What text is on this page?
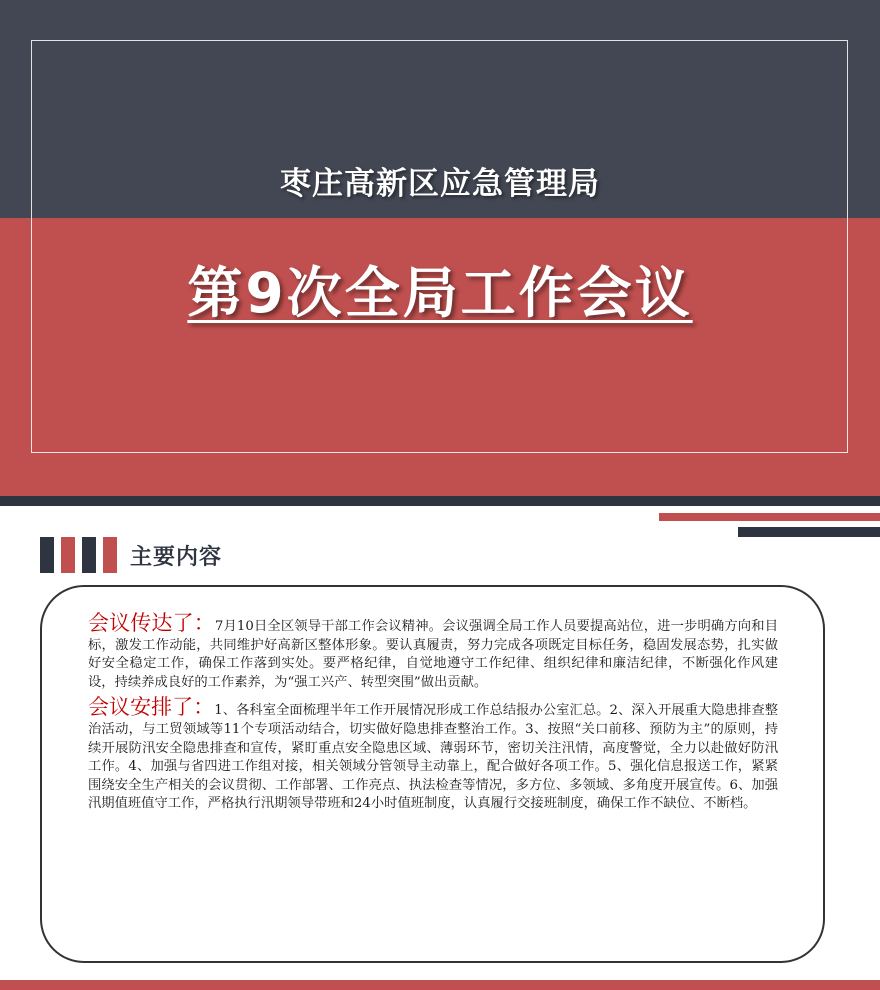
枣庄高新区应急管理局
第9次全局工作会议
主要内容

会议传达了：7月10日全区领导干部工作会议精神。会议强调全局工作人员要提高站位，进一步明确方向和目标，激发工作动能，共同维护好高新区整体形象。要认真履责，努力完成各项既定目标任务，稳固发展态势，扎实做好安全稳定工作，确保工作落到实处。要严格纪律，自觉地遵守工作纪律、组织纪律和廉洁纪律，不断强化作风建设，持续养成良好的工作素养，为“强工兴产、转型突围”做出贡献。

会议安排了：1、各科室全面梳理半年工作开展情况形成工作总结报办公室汇总。2、深入开展重大隐患排查整治活动，与工贸领域等11个专项活动结合，切实做好隐患排查整治工作。3、按照“关口前移、预防为主”的原则，持续开展防汛安全隐患排查和宣传，紧盯重点安全隐患区域、薄弱环节，密切关注汛情，高度警觉，全力以赴做好防汛工作。4、加强与省四进工作组对接，相关领域分管领导主动靠上，配合做好各项工作。5、强化信息报送工作，紧紧围绕安全生产相关的会议贯彻、工作部署、工作亮点、执法检查等情况，多方位、多领域、多角度开展宣传。6、加强汛期值班值守工作，严格执行汛期领导带班和24小时值班制度，认真履行交接班制度，确保工作不缺位、不断档。
